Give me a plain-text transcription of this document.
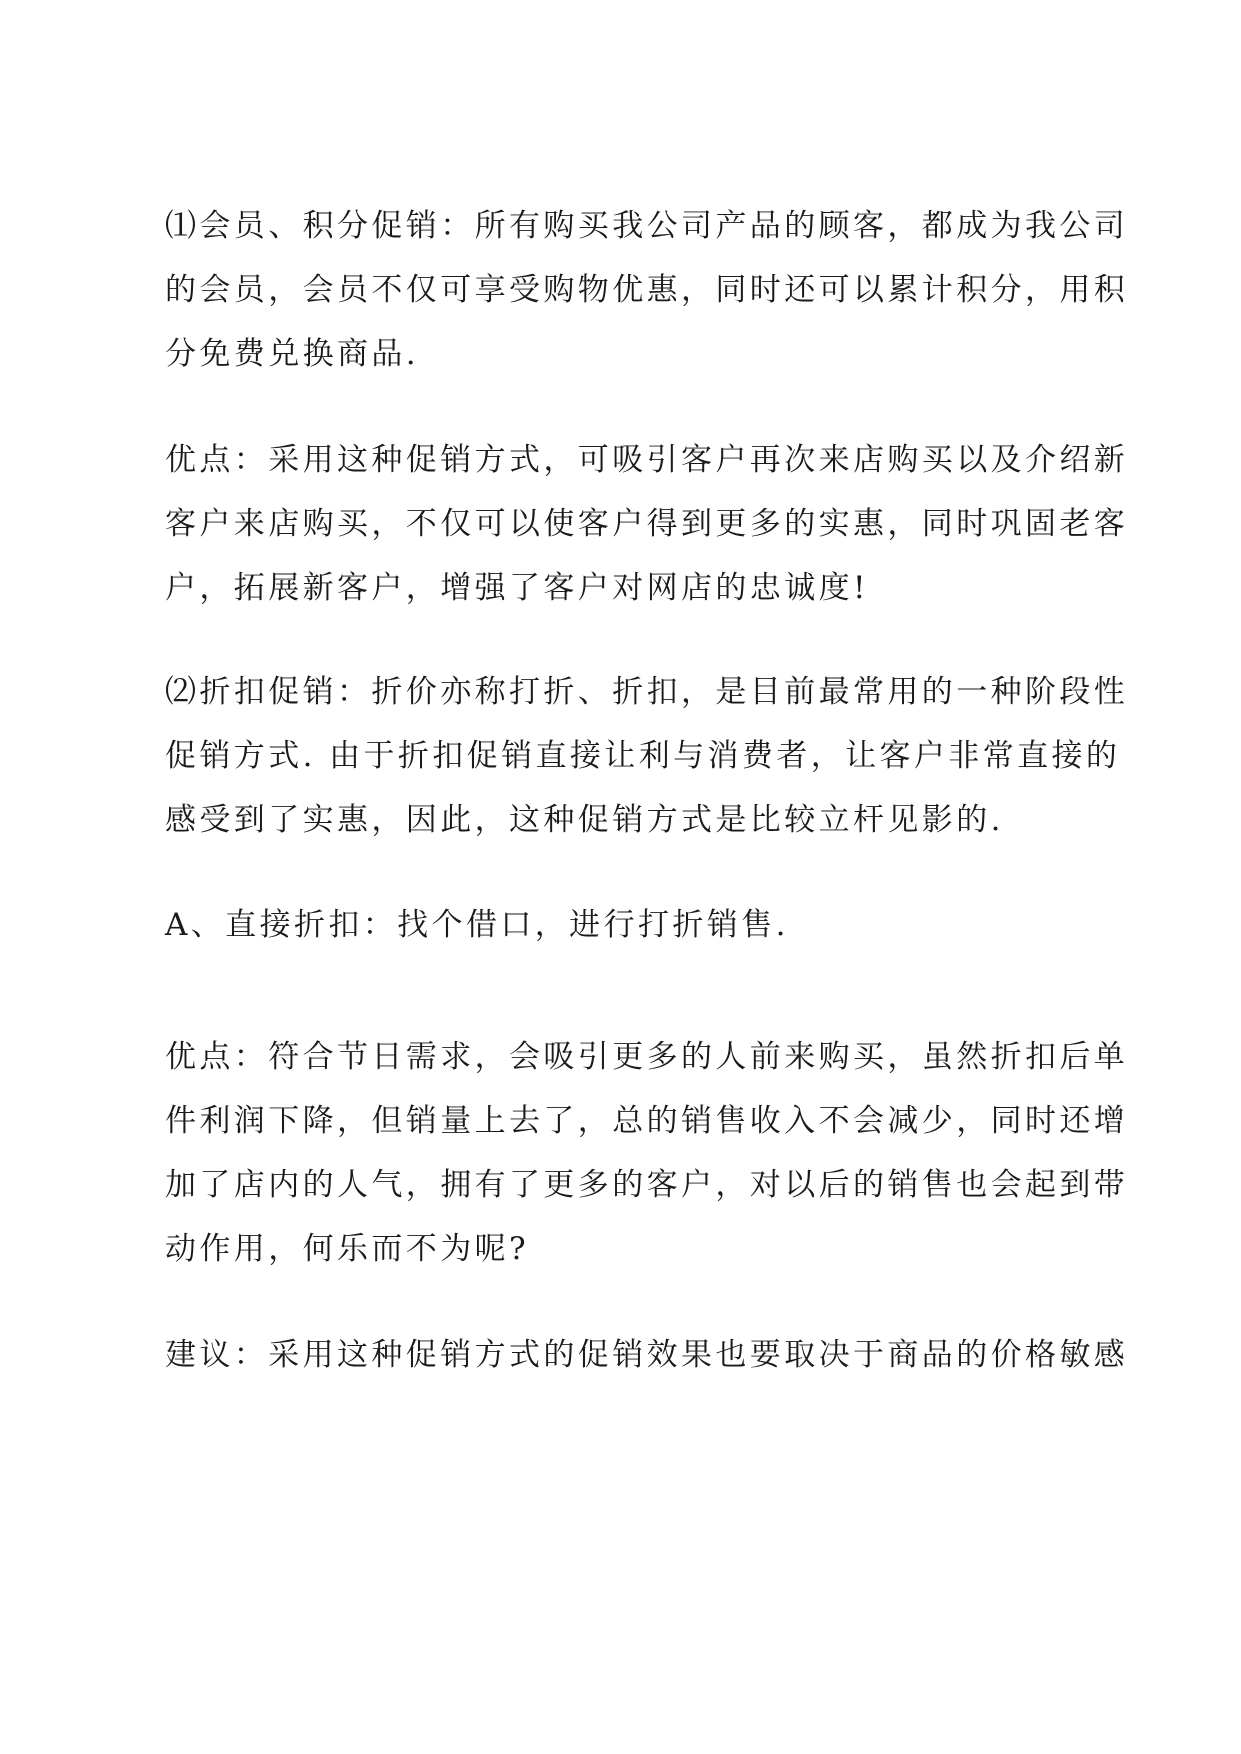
⑴会员、积分促销：所有购买我公司产品的顾客，都成为我公司
的会员，会员不仅可享受购物优惠，同时还可以累计积分，用积
分免费兑换商品.
优点：采用这种促销方式，可吸引客户再次来店购买以及介绍新
客户来店购买，不仅可以使客户得到更多的实惠，同时巩固老客
户，拓展新客户，增强了客户对网店的忠诚度!
⑵折扣促销：折价亦称打折、折扣，是目前最常用的一种阶段性
促销方式. 由于折扣促销直接让利与消费者，让客户非常直接的
感受到了实惠，因此，这种促销方式是比较立杆见影的.
A、直接折扣：找个借口，进行打折销售.
优点：符合节日需求，会吸引更多的人前来购买，虽然折扣后单
件利润下降，但销量上去了，总的销售收入不会减少，同时还增
加了店内的人气，拥有了更多的客户，对以后的销售也会起到带
动作用，何乐而不为呢?
建议：采用这种促销方式的促销效果也要取决于商品的价格敏感
